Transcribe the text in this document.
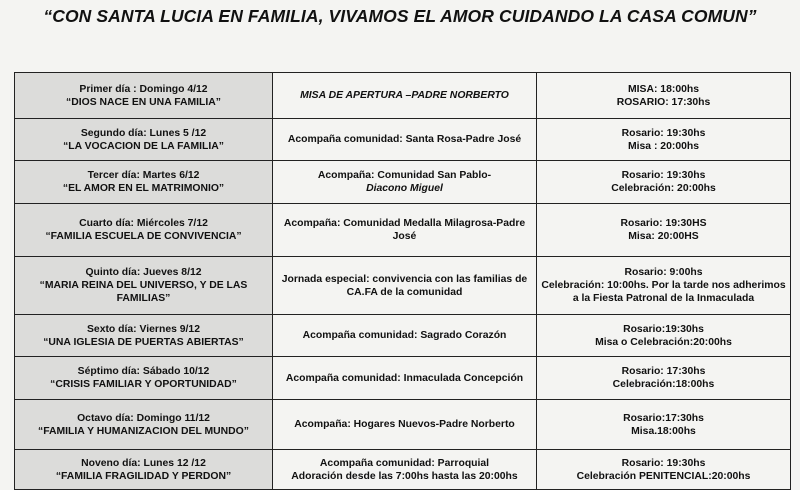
“CON SANTA LUCIA EN FAMILIA, VIVAMOS EL AMOR CUIDANDO LA CASA COMUN”
Primer día : Domingo 4/12
“DIOS NACE EN UNA FAMILIA”	MISA DE APERTURA –PADRE NORBERTO	MISA: 18:00hs
ROSARIO: 17:30hs

Segundo día: Lunes 5 /12
“LA VOCACION DE LA FAMILIA”	Acompaña comunidad: Santa Rosa-Padre José	Rosario: 19:30hs
Misa : 20:00hs

Tercer día: Martes 6/12
“EL AMOR EN EL MATRIMONIO”	Acompaña: Comunidad San Pablo-
Diacono Miguel	Rosario: 19:30hs
Celebración: 20:00hs

Cuarto día: Miércoles 7/12
“FAMILIA ESCUELA DE CONVIVENCIA”	Acompaña: Comunidad Medalla Milagrosa-Padre José	Rosario: 19:30HS
Misa: 20:00HS

Quinto día: Jueves 8/12
“MARIA REINA DEL UNIVERSO, Y DE LAS FAMILIAS”	Jornada especial: convivencia con las familias de CA.FA de la comunidad	Rosario: 9:00hs
Celebración: 10:00hs. Por la tarde nos adherimos a la Fiesta Patronal de la Inmaculada

Sexto día: Viernes 9/12
“UNA IGLESIA DE PUERTAS ABIERTAS”	Acompaña comunidad: Sagrado Corazón	Rosario:19:30hs
Misa o Celebración:20:00hs

Séptimo día: Sábado 10/12
“CRISIS FAMILIAR Y OPORTUNIDAD”	Acompaña comunidad: Inmaculada Concepción	Rosario: 17:30hs
Celebración:18:00hs

Octavo día: Domingo 11/12
“FAMILIA Y HUMANIZACION DEL MUNDO”	Acompaña: Hogares Nuevos-Padre Norberto	Rosario:17:30hs
Misa.18:00hs

Noveno día: Lunes 12 /12
“FAMILIA FRAGILIDAD Y PERDON”	Acompaña comunidad: Parroquial
Adoración desde las 7:00hs hasta las 20:00hs	Rosario: 19:30hs
Celebración PENITENCIAL:20:00hs
